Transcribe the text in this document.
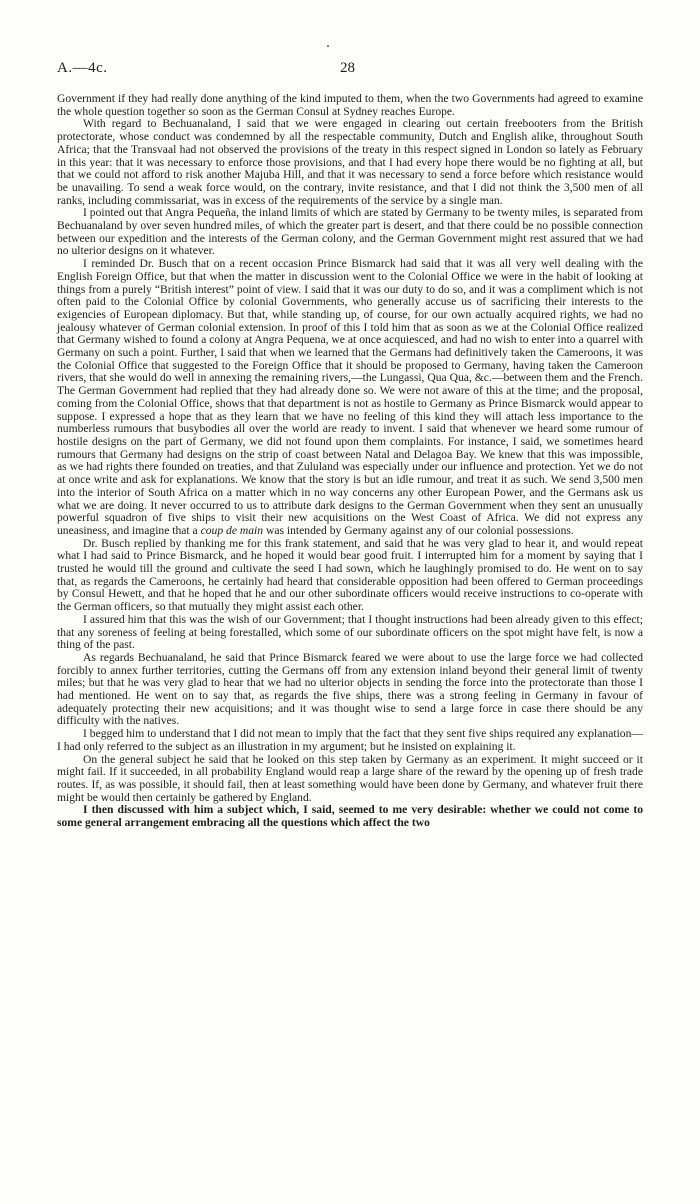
A.—4c.	28

Government if they had really done anything of the kind imputed to them, when the two Governments had agreed to examine the whole question together so soon as the German Consul at Sydney reaches Europe.

With regard to Bechuanaland, I said that we were engaged in clearing out certain freebooters from the British protectorate, whose conduct was condemned by all the respectable community, Dutch and English alike, throughout South Africa; that the Transvaal had not observed the provisions of the treaty in this respect signed in London so lately as February in this year: that it was necessary to enforce those provisions, and that I had every hope there would be no fighting at all, but that we could not afford to risk another Majuba Hill, and that it was necessary to send a force before which resistance would be unavailing. To send a weak force would, on the contrary, invite resistance, and that I did not think the 3,500 men of all ranks, including commissariat, was in excess of the requirements of the service by a single man.

I pointed out that Angra Pequeña, the inland limits of which are stated by Germany to be twenty miles, is separated from Bechuanaland by over seven hundred miles, of which the greater part is desert, and that there could be no possible connection between our expedition and the interests of the German colony, and the German Government might rest assured that we had no ulterior designs on it whatever.

I reminded Dr. Busch that on a recent occasion Prince Bismarck had said that it was all very well dealing with the English Foreign Office, but that when the matter in discussion went to the Colonial Office we were in the habit of looking at things from a purely “British interest” point of view. I said that it was our duty to do so, and it was a compliment which is not often paid to the Colonial Office by colonial Governments, who generally accuse us of sacrificing their interests to the exigencies of European diplomacy. But that, while standing up, of course, for our own actually acquired rights, we had no jealousy whatever of German colonial extension. In proof of this I told him that as soon as we at the Colonial Office realized that Germany wished to found a colony at Angra Pequena, we at once acquiesced, and had no wish to enter into a quarrel with Germany on such a point. Further, I said that when we learned that the Germans had definitively taken the Cameroons, it was the Colonial Office that suggested to the Foreign Office that it should be proposed to Germany, having taken the Cameroon rivers, that she would do well in annexing the remaining rivers,—the Lungassi, Qua Qua, &c.—between them and the French. The German Government had replied that they had already done so. We were not aware of this at the time; and the proposal, coming from the Colonial Office, shows that that department is not as hostile to Germany as Prince Bismarck would appear to suppose. I expressed a hope that as they learn that we have no feeling of this kind they will attach less importance to the numberless rumours that busybodies all over the world are ready to invent. I said that whenever we heard some rumour of hostile designs on the part of Germany, we did not found upon them complaints. For instance, I said, we sometimes heard rumours that Germany had designs on the strip of coast between Natal and Delagoa Bay. We knew that this was impossible, as we had rights there founded on treaties, and that Zululand was especially under our influence and protection. Yet we do not at once write and ask for explanations. We know that the story is but an idle rumour, and treat it as such. We send 3,500 men into the interior of South Africa on a matter which in no way concerns any other European Power, and the Germans ask us what we are doing. It never occurred to us to attribute dark designs to the German Government when they sent an unusually powerful squadron of five ships to visit their new acquisitions on the West Coast of Africa. We did not express any uneasiness, and imagine that a coup de main was intended by Germany against any of our colonial possessions.

Dr. Busch replied by thanking me for this frank statement, and said that he was very glad to hear it, and would repeat what I had said to Prince Bismarck, and he hoped it would bear good fruit. I interrupted him for a moment by saying that I trusted he would till the ground and cultivate the seed I had sown, which he laughingly promised to do. He went on to say that, as regards the Cameroons, he certainly had heard that considerable opposition had been offered to German proceedings by Consul Hewett, and that he hoped that he and our other subordinate officers would receive instructions to co-operate with the German officers, so that mutually they might assist each other.

I assured him that this was the wish of our Government; that I thought instructions had been already given to this effect; that any soreness of feeling at being forestalled, which some of our subordinate officers on the spot might have felt, is now a thing of the past.

As regards Bechuanaland, he said that Prince Bismarck feared we were about to use the large force we had collected forcibly to annex further territories, cutting the Germans off from any extension inland beyond their general limit of twenty miles; but that he was very glad to hear that we had no ulterior objects in sending the force into the protectorate than those I had mentioned. He went on to say that, as regards the five ships, there was a strong feeling in Germany in favour of adequately protecting their new acquisitions; and it was thought wise to send a large force in case there should be any difficulty with the natives.

I begged him to understand that I did not mean to imply that the fact that they sent five ships required any explanation—I had only referred to the subject as an illustration in my argument; but he insisted on explaining it.

On the general subject he said that he looked on this step taken by Germany as an experiment. It might succeed or it might fail. If it succeeded, in all probability England would reap a large share of the reward by the opening up of fresh trade routes. If, as was possible, it should fail, then at least something would have been done by Germany, and whatever fruit there might be would then certainly be gathered by England.

I then discussed with him a subject which, I said, seemed to me very desirable: whether we could not come to some general arrangement embracing all the questions which affect the two
